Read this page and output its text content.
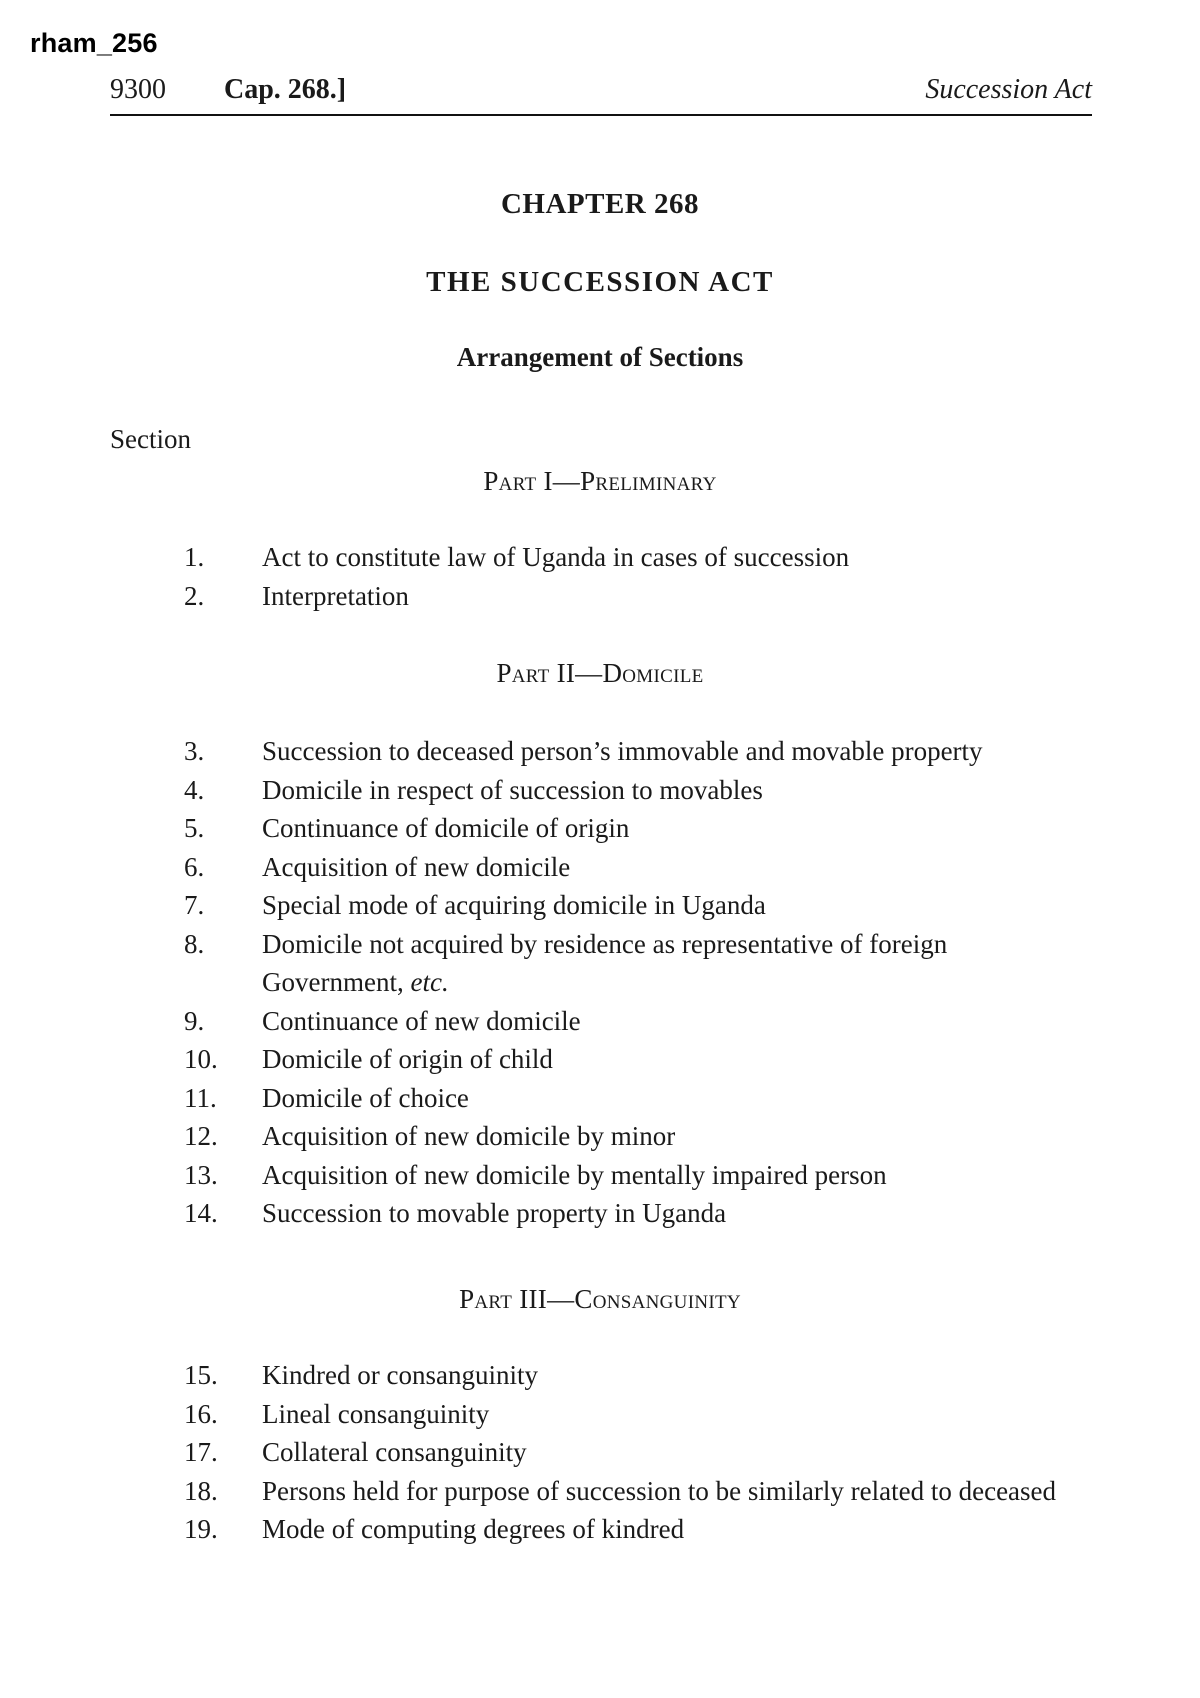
rham_256
9300 Cap. 268.]	Succession Act
CHAPTER 268
THE SUCCESSION ACT
Arrangement of Sections
Section
Part I—Preliminary
1.	Act to constitute law of Uganda in cases of succession
2.	Interpretation
Part II—Domicile
3.	Succession to deceased person’s immovable and movable property
4.	Domicile in respect of succession to movables
5.	Continuance of domicile of origin
6.	Acquisition of new domicile
7.	Special mode of acquiring domicile in Uganda
8.	Domicile not acquired by residence as representative of foreign Government, etc.
9.	Continuance of new domicile
10.	Domicile of origin of child
11.	Domicile of choice
12.	Acquisition of new domicile by minor
13.	Acquisition of new domicile by mentally impaired person
14.	Succession to movable property in Uganda
Part III—Consanguinity
15.	Kindred or consanguinity
16.	Lineal consanguinity
17.	Collateral consanguinity
18.	Persons held for purpose of succession to be similarly related to deceased
19.	Mode of computing degrees of kindred
